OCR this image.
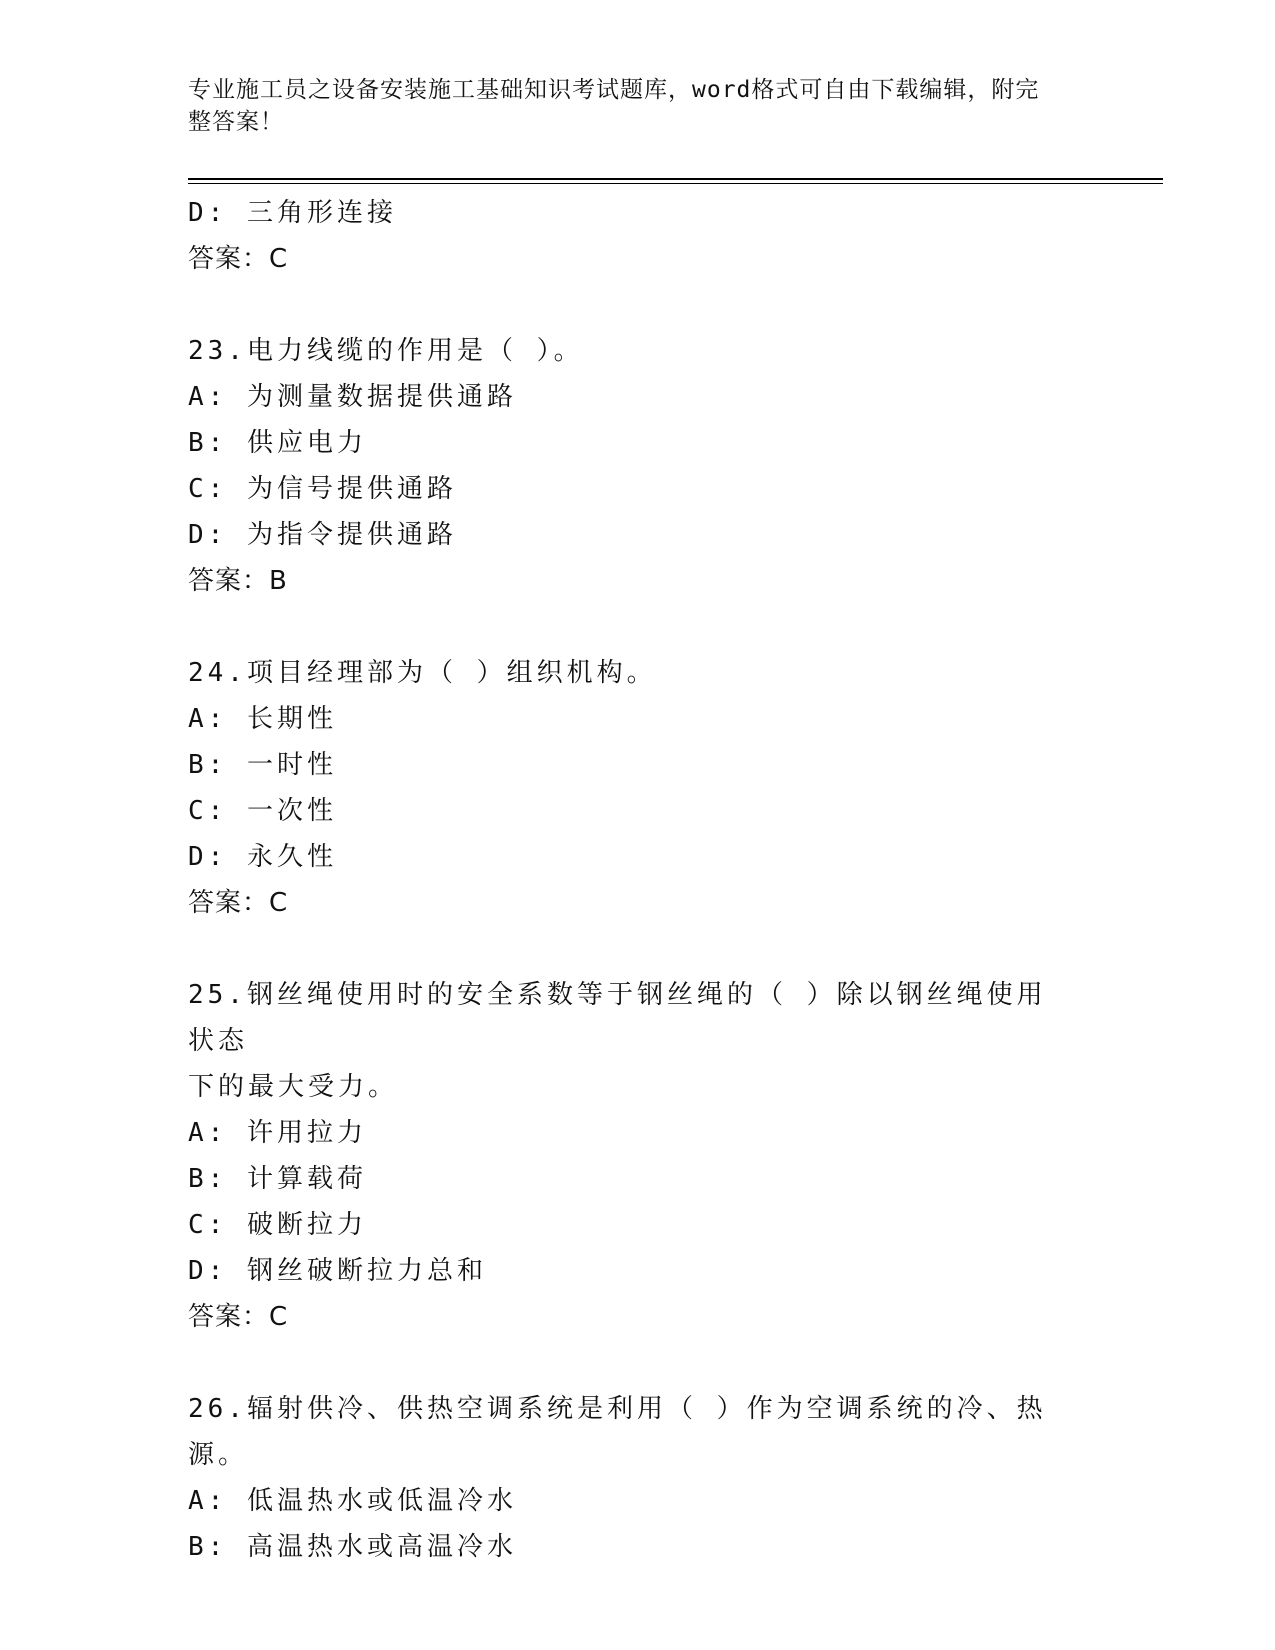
专业施工员之设备安装施工基础知识考试题库，word格式可自由下载编辑，附完
整答案！
D: 三角形连接
答案：C
23.电力线缆的作用是（ ）。
A: 为测量数据提供通路
B: 供应电力
C: 为信号提供通路
D: 为指令提供通路
答案：B
24.项目经理部为（ ）组织机构。
A: 长期性
B: 一时性
C: 一次性
D: 永久性
答案：C
25.钢丝绳使用时的安全系数等于钢丝绳的（ ）除以钢丝绳使用状态
下的最大受力。
A: 许用拉力
B: 计算载荷
C: 破断拉力
D: 钢丝破断拉力总和
答案：C
26.辐射供冷、供热空调系统是利用（ ）作为空调系统的冷、热源。
A: 低温热水或低温冷水
B: 高温热水或高温冷水
